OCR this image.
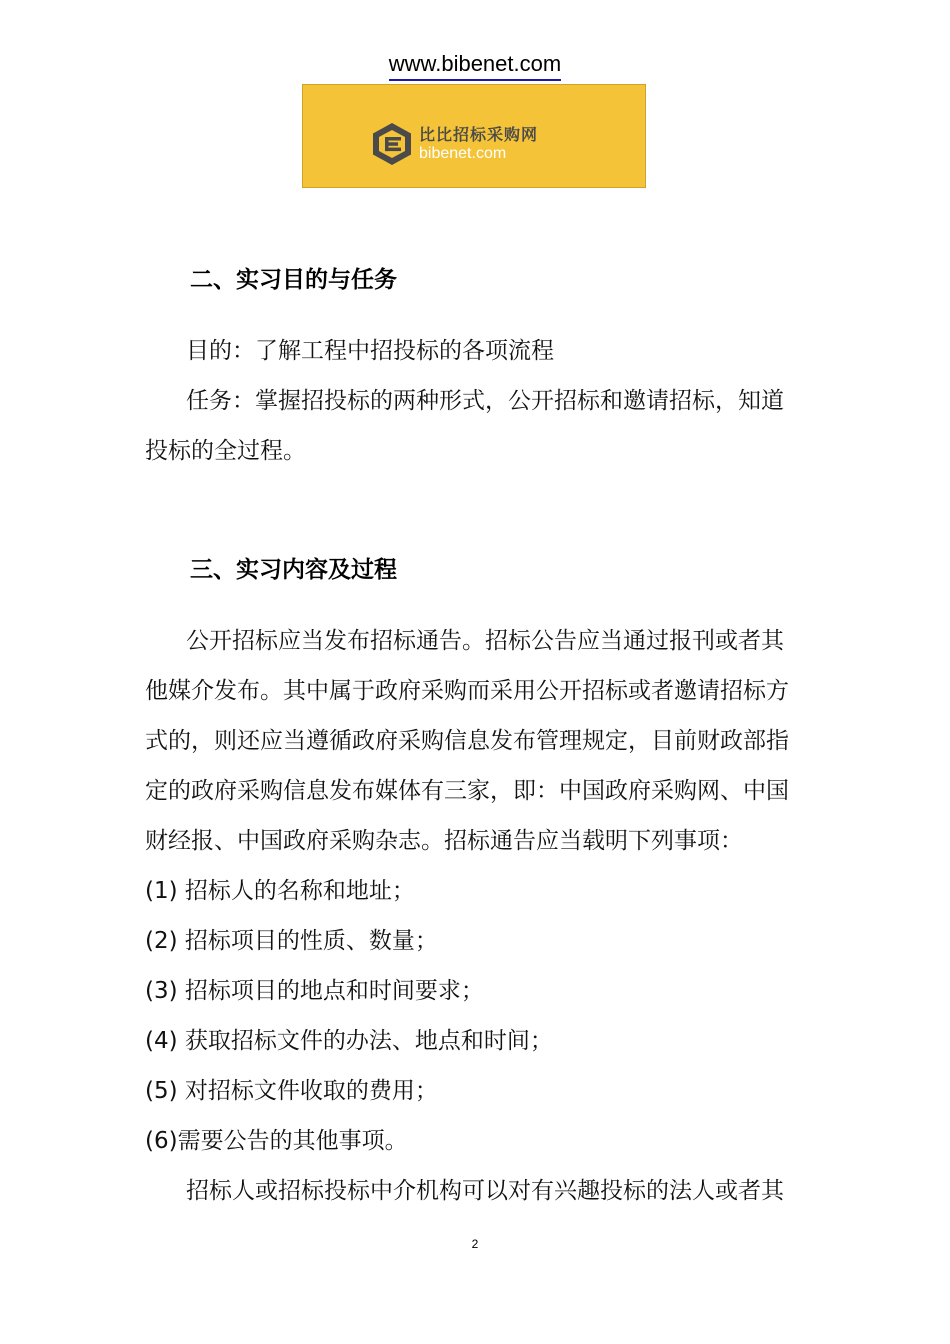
www.bibenet.com
比比招标采购网
bibenet.com
二、实习目的与任务
目的：了解工程中招投标的各项流程
任务：掌握招投标的两种形式，公开招标和邀请招标，知道
投标的全过程。
三、实习内容及过程
公开招标应当发布招标通告。招标公告应当通过报刊或者其
他媒介发布。其中属于政府采购而采用公开招标或者邀请招标方
式的，则还应当遵循政府采购信息发布管理规定，目前财政部指
定的政府采购信息发布媒体有三家，即：中国政府采购网、中国
财经报、中国政府采购杂志。招标通告应当载明下列事项：
(1) 招标人的名称和地址；
(2) 招标项目的性质、数量；
(3) 招标项目的地点和时间要求；
(4) 获取招标文件的办法、地点和时间；
(5) 对招标文件收取的费用；
(6)需要公告的其他事项。
招标人或招标投标中介机构可以对有兴趣投标的法人或者其
2
